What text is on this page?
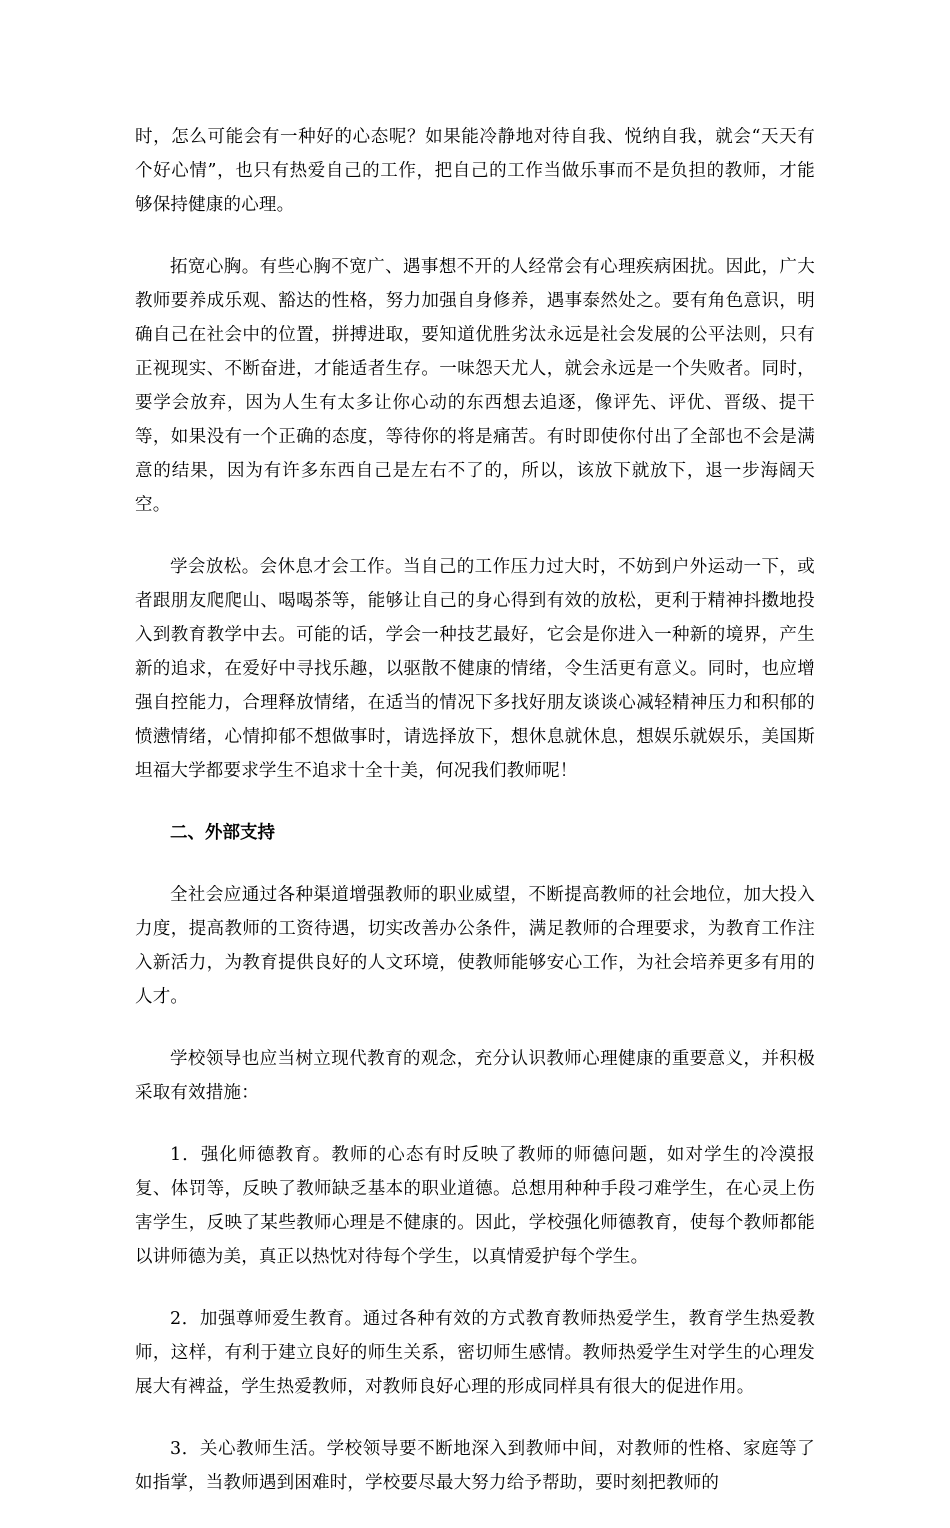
时，怎么可能会有一种好的心态呢？如果能冷静地对待自我、悦纳自我，就会“天天有个好心情”，也只有热爱自己的工作，把自己的工作当做乐事而不是负担的教师，才能够保持健康的心理。

拓宽心胸。有些心胸不宽广、遇事想不开的人经常会有心理疾病困扰。因此，广大教师要养成乐观、豁达的性格，努力加强自身修养，遇事泰然处之。要有角色意识，明确自己在社会中的位置，拼搏进取，要知道优胜劣汰永远是社会发展的公平法则，只有正视现实、不断奋进，才能适者生存。一味怨天尤人，就会永远是一个失败者。同时，要学会放弃，因为人生有太多让你心动的东西想去追逐，像评先、评优、晋级、提干等，如果没有一个正确的态度，等待你的将是痛苦。有时即使你付出了全部也不会是满意的结果，因为有许多东西自己是左右不了的，所以，该放下就放下，退一步海阔天空。

学会放松。会休息才会工作。当自己的工作压力过大时，不妨到户外运动一下，或者跟朋友爬爬山、喝喝茶等，能够让自己的身心得到有效的放松，更利于精神抖擞地投入到教育教学中去。可能的话，学会一种技艺最好，它会是你进入一种新的境界，产生新的追求，在爱好中寻找乐趣，以驱散不健康的情绪，令生活更有意义。同时，也应增强自控能力，合理释放情绪，在适当的情况下多找好朋友谈谈心减轻精神压力和积郁的愤懑情绪，心情抑郁不想做事时，请选择放下，想休息就休息，想娱乐就娱乐，美国斯坦福大学都要求学生不追求十全十美，何况我们教师呢！

二、外部支持

全社会应通过各种渠道增强教师的职业威望，不断提高教师的社会地位，加大投入力度，提高教师的工资待遇，切实改善办公条件，满足教师的合理要求，为教育工作注入新活力，为教育提供良好的人文环境，使教师能够安心工作，为社会培养更多有用的人才。

学校领导也应当树立现代教育的观念，充分认识教师心理健康的重要意义，并积极采取有效措施：

1．强化师德教育。教师的心态有时反映了教师的师德问题，如对学生的冷漠报复、体罚等，反映了教师缺乏基本的职业道德。总想用种种手段刁难学生，在心灵上伤害学生，反映了某些教师心理是不健康的。因此，学校强化师德教育，使每个教师都能以讲师德为美，真正以热忱对待每个学生，以真情爱护每个学生。

2．加强尊师爱生教育。通过各种有效的方式教育教师热爱学生，教育学生热爱教师，这样，有利于建立良好的师生关系，密切师生感情。教师热爱学生对学生的心理发展大有裨益，学生热爱教师，对教师良好心理的形成同样具有很大的促进作用。

3．关心教师生活。学校领导要不断地深入到教师中间，对教师的性格、家庭等了如指掌，当教师遇到困难时，学校要尽最大努力给予帮助，要时刻把教师的
